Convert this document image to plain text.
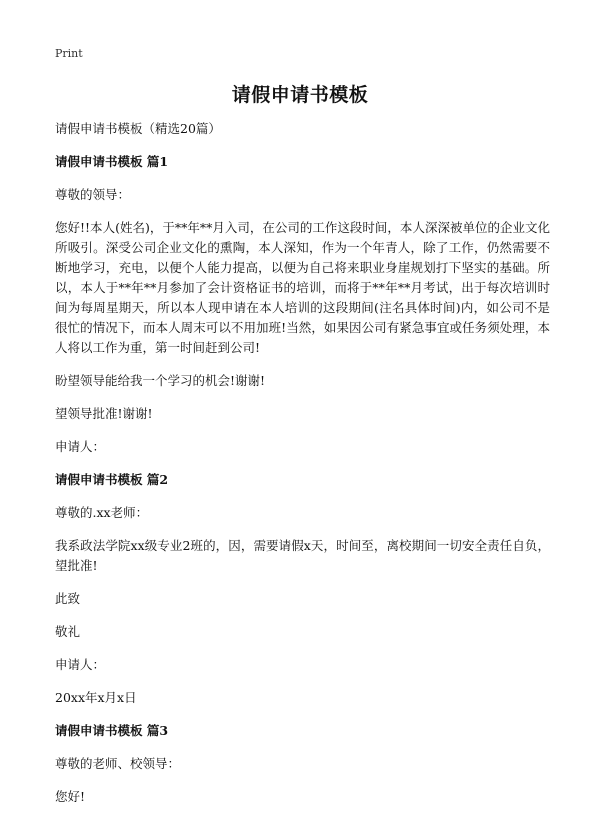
Print
请假申请书模板

请假申请书模板（精选20篇）

请假申请书模板 篇1

尊敬的领导：

您好!!本人(姓名)，于**年**月入司，在公司的工作这段时间，本人深深被单位的企业文化所吸引。深受公司企业文化的熏陶，本人深知，作为一个年青人，除了工作，仍然需要不断地学习，充电，以便个人能力提高，以便为自己将来职业身崖规划打下坚实的基础。所以，本人于**年**月参加了会计资格证书的培训，而将于**年**月考试，出于每次培训时间为每周星期天，所以本人现申请在本人培训的这段期间(注名具体时间)内，如公司不是很忙的情况下，而本人周末可以不用加班!当然，如果因公司有紧急事宜或任务须处理，本人将以工作为重，第一时间赶到公司!

盼望领导能给我一个学习的机会!谢谢!

望领导批准!谢谢!

申请人：

请假申请书模板 篇2

尊敬的.xx老师：

我系政法学院xx级专业2班的，因，需要请假x天，时间至，离校期间一切安全责任自负，望批准!

此致

敬礼

申请人：

20xx年x月x日

请假申请书模板 篇3

尊敬的老师、校领导：

您好!
